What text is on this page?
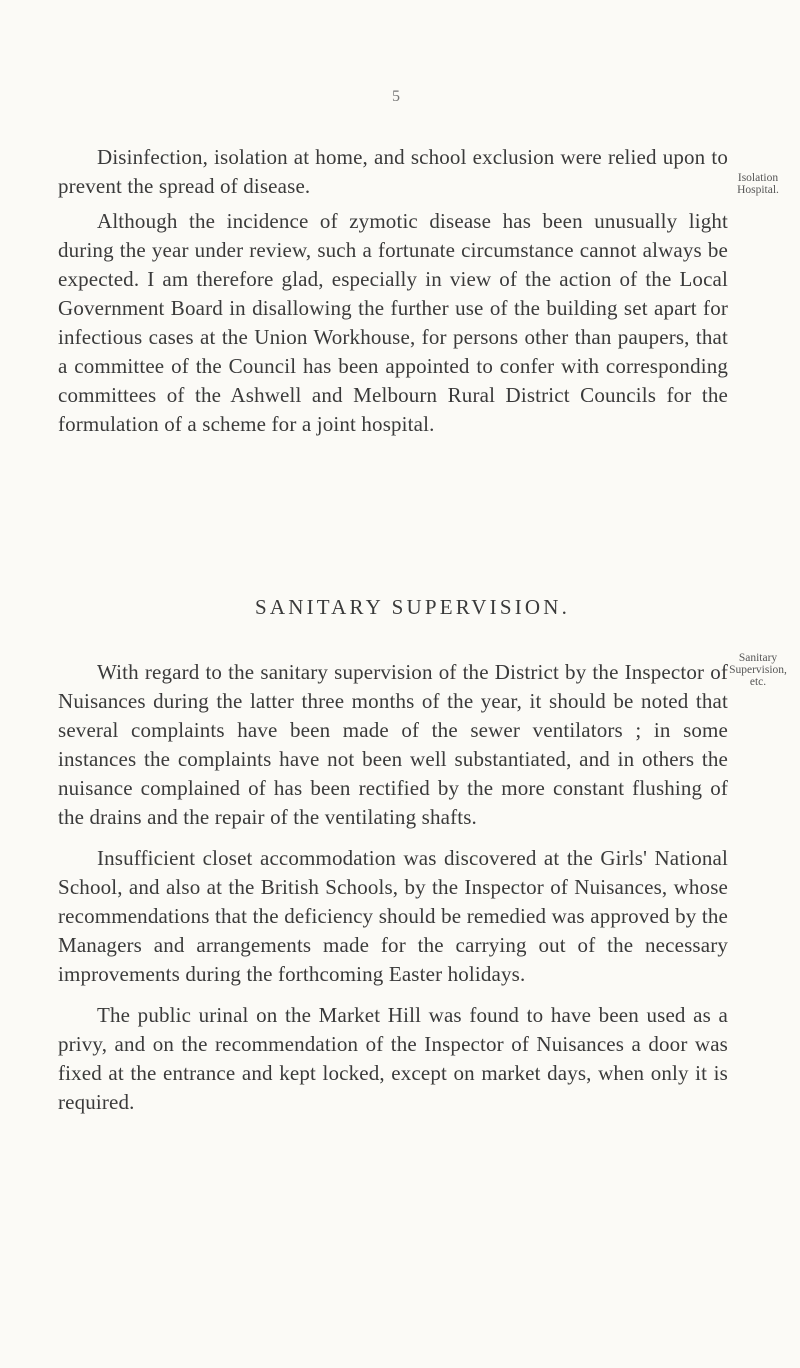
5

Disinfection, isolation at home, and school exclusion were relied upon to prevent the spread of disease.

Although the incidence of zymotic disease has been unusually light during the year under review, such a fortunate circumstance cannot always be expected. I am therefore glad, especially in view of the action of the Local Government Board in disallowing the further use of the building set apart for infectious cases at the Union Workhouse, for persons other than paupers, that a committee of the Council has been appointed to confer with corresponding committees of the Ashwell and Melbourn Rural District Councils for the formulation of a scheme for a joint hospital.

Isolation
Hospital.
SANITARY SUPERVISION.

With regard to the sanitary supervision of the District by the Inspector of Nuisances during the latter three months of the year, it should be noted that several complaints have been made of the sewer ventilators ; in some instances the complaints have not been well substantiated, and in others the nuisance complained of has been rectified by the more constant flushing of the drains and the repair of the ventilating shafts.

Insufficient closet accommodation was discovered at the Girls' National School, and also at the British Schools, by the Inspector of Nuisances, whose recommendations that the deficiency should be remedied was approved by the Managers and arrangements made for the carrying out of the necessary improvements during the forthcoming Easter holidays.

The public urinal on the Market Hill was found to have been used as a privy, and on the recommendation of the Inspector of Nuisances a door was fixed at the entrance and kept locked, except on market days, when only it is required.

Sanitary
Supervision,
etc.
